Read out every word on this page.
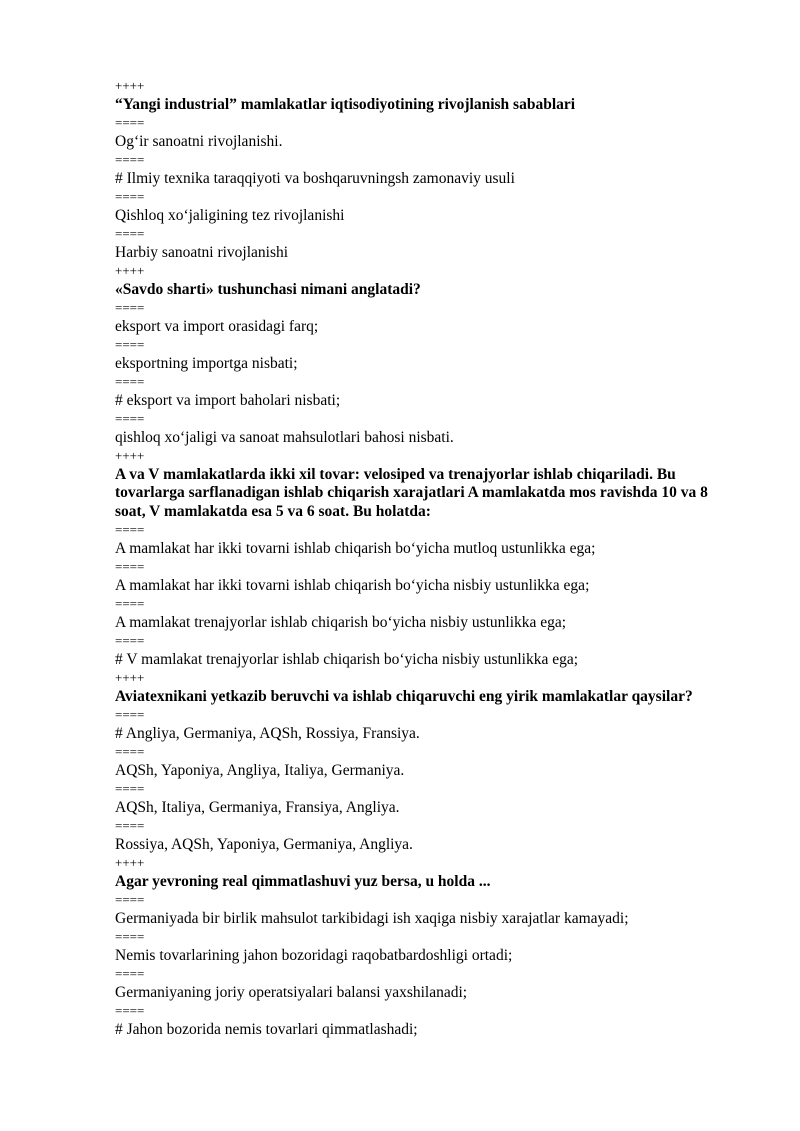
++++
“Yangi industrial” mamlakatlar iqtisodiyotining rivojlanish sabablari
====
Og‘ir sanoatni rivojlanishi.
====
# Ilmiy texnika taraqqiyoti va boshqaruvningsh zamonaviy usuli
====
Qishloq xo‘jaligining tez rivojlanishi
====
Harbiy sanoatni rivojlanishi
++++
«Savdo sharti» tushunchasi nimani anglatadi?
====
eksport va import orasidagi farq;
====
eksportning importga nisbati;
====
# eksport va import baholari nisbati;
====
qishloq xo‘jaligi va sanoat mahsulotlari bahosi nisbati.
++++
A va V mamlakatlarda ikki xil tovar: velosiped va trenajyorlar ishlab chiqariladi. Bu tovarlarga sarflanadigan ishlab chiqarish xarajatlari A mamlakatda mos ravishda 10 va 8 soat, V mamlakatda esa 5 va 6 soat. Bu holatda:
====
A mamlakat har ikki tovarni ishlab chiqarish bo‘yicha mutloq ustunlikka ega;
====
A mamlakat har ikki tovarni ishlab chiqarish bo‘yicha nisbiy ustunlikka ega;
====
A mamlakat trenajyorlar ishlab chiqarish bo‘yicha nisbiy ustunlikka ega;
====
# V mamlakat trenajyorlar ishlab chiqarish bo‘yicha nisbiy ustunlikka ega;
++++
Aviatexnikani yetkazib beruvchi va ishlab chiqaruvchi eng yirik mamlakatlar qaysilar?
====
# Angliya, Germaniya, AQSh, Rossiya, Fransiya.
====
AQSh, Yaponiya, Angliya, Italiya, Germaniya.
====
AQSh, Italiya, Germaniya, Fransiya, Angliya.
====
Rossiya, AQSh, Yaponiya, Germaniya, Angliya.
++++
Agar yevroning real qimmatlashuvi yuz bersa, u holda ...
====
Germaniyada bir birlik mahsulot tarkibidagi ish xaqiga nisbiy xarajatlar kamayadi;
====
Nemis tovarlarining jahon bozoridagi raqobatbardoshligi ortadi;
====
Germaniyaning joriy operatsiyalari balansi yaxshilanadi;
====
# Jahon bozorida nemis tovarlari qimmatlashadi;
